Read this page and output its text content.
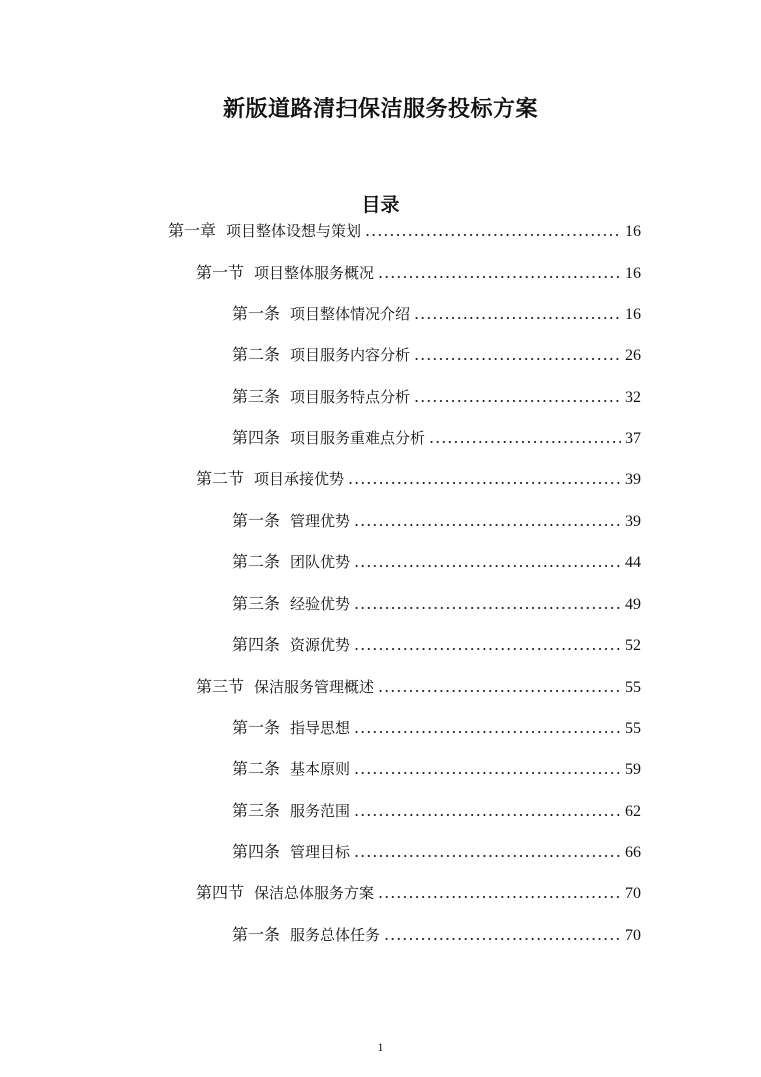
新版道路清扫保洁服务投标方案
目录
第一章 项目整体设想与策划 .....	16
第一节 项目整体服务概况 .....	16
第一条 项目整体情况介绍 .....	16
第二条 项目服务内容分析 .....	26
第三条 项目服务特点分析 .....	32
第四条 项目服务重难点分析 .....	37
第二节 项目承接优势 .....	39
第一条 管理优势 .....	39
第二条 团队优势 .....	44
第三条 经验优势 .....	49
第四条 资源优势 .....	52
第三节 保洁服务管理概述 .....	55
第一条 指导思想 .....	55
第二条 基本原则 .....	59
第三条 服务范围 .....	62
第四条 管理目标 .....	66
第四节 保洁总体服务方案 .....	70
第一条 服务总体任务 .....	70
1
